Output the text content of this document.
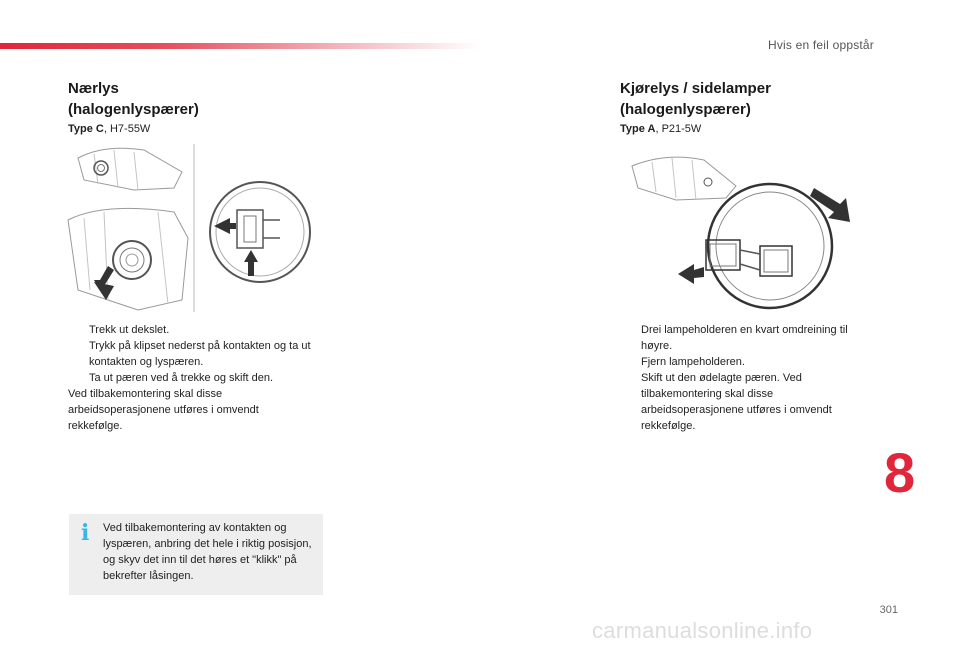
Hvis en feil oppstår
Nærlys
(halogenlyspærer)
Type C, H7-55W
Trekk ut dekslet.
Trykk på klipset nederst på kontakten og ta ut kontakten og lyspæren.
Ta ut pæren ved å trekke og skift den.
Ved tilbakemontering skal disse arbeidsoperasjonene utføres i omvendt rekkefølge.
i Ved tilbakemontering av kontakten og lyspæren, anbring det hele i riktig posisjon, og skyv det inn til det høres et "klikk" på bekrefter låsingen.
Kjørelys / sidelamper
(halogenlyspærer)
Type A, P21-5W
Drei lampeholderen en kvart omdreining til høyre.
Fjern lampeholderen.
Skift ut den ødelagte pæren. Ved tilbakemontering skal disse arbeidsoperasjonene utføres i omvendt rekkefølge.
8
301
carmanualsonline.info
